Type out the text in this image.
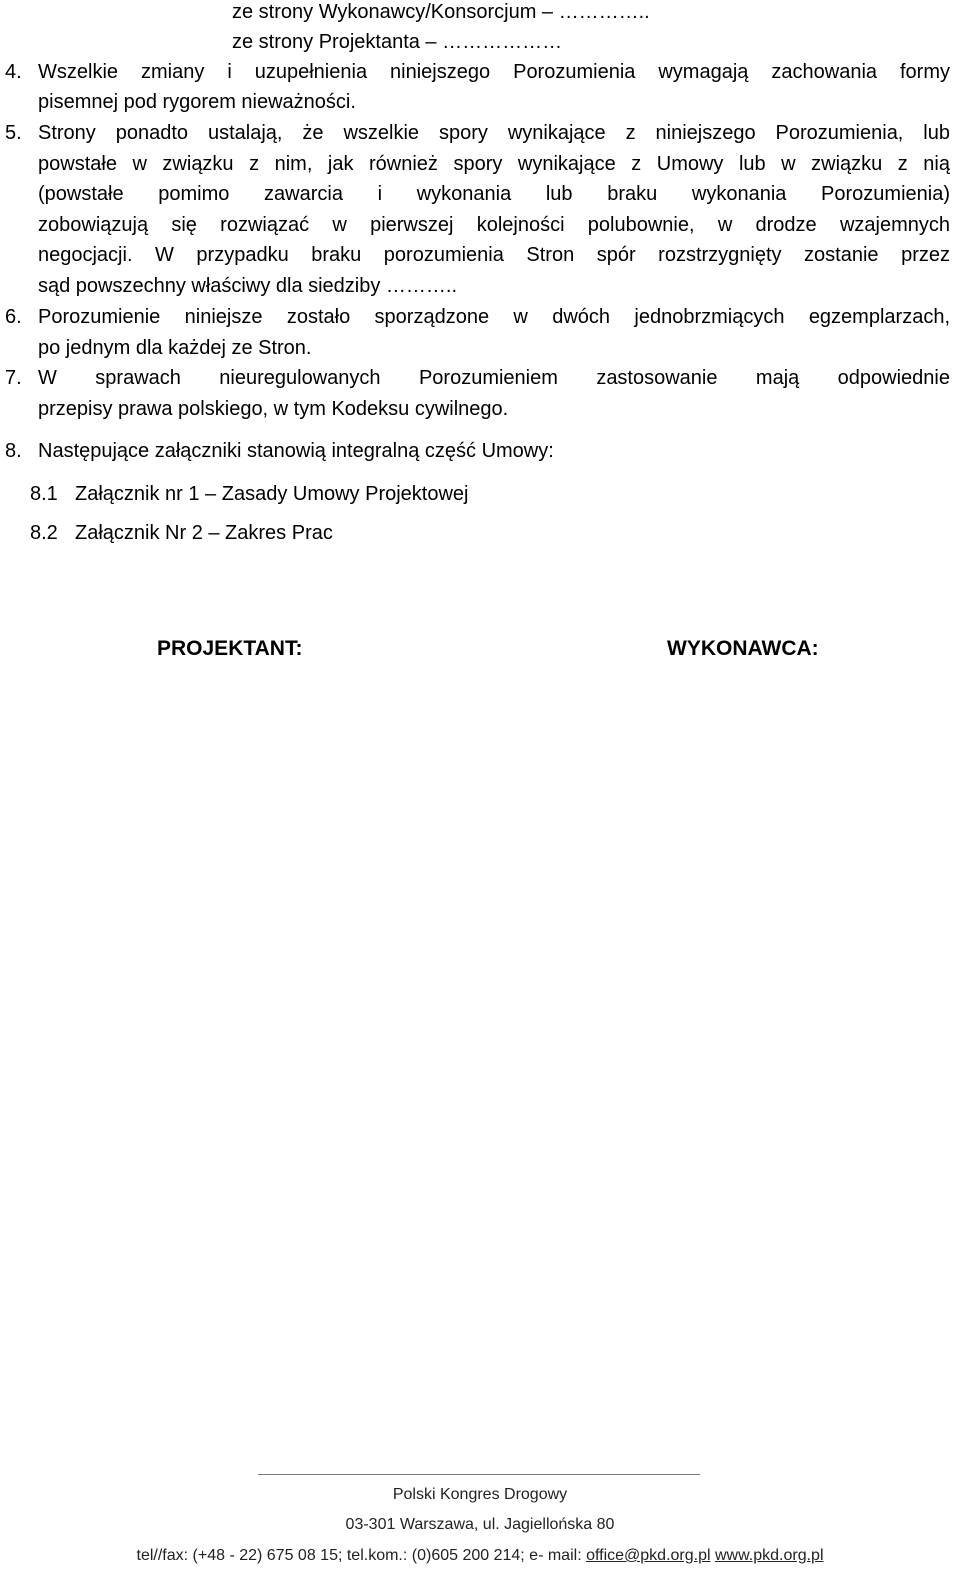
ze strony Wykonawcy/Konsorcjum – …………..
ze strony Projektanta – ………………
4. Wszelkie zmiany i uzupełnienia niniejszego Porozumienia wymagają zachowania formy
pisemnej pod rygorem nieważności.
5. Strony ponadto ustalają, że wszelkie spory wynikające z niniejszego Porozumienia, lub
powstałe w związku z nim, jak również spory wynikające z Umowy lub w związku z nią
(powstałe pomimo zawarcia i wykonania lub braku wykonania Porozumienia)
zobowiązują się rozwiązać w pierwszej kolejności polubownie, w drodze wzajemnych
negocjacji. W przypadku braku porozumienia Stron spór rozstrzygnięty zostanie przez
sąd powszechny właściwy dla siedziby ………..
6. Porozumienie niniejsze zostało sporządzone w dwóch jednobrzmiących egzemplarzach,
po jednym dla każdej ze Stron.
7. W sprawach nieuregulowanych Porozumieniem zastosowanie mają odpowiednie
przepisy prawa polskiego, w tym Kodeksu cywilnego.
8. Następujące załączniki stanowią integralną część Umowy:
8.1 Załącznik nr 1 – Zasady Umowy Projektowej
8.2 Załącznik Nr 2 – Zakres Prac
PROJEKTANT:	WYKONAWCA:
Polski Kongres Drogowy
03-301 Warszawa, ul. Jagiellońska 80
tel//fax: (+48 - 22) 675 08 15; tel.kom.: (0)605 200 214; e- mail: office@pkd.org.pl www.pkd.org.pl
